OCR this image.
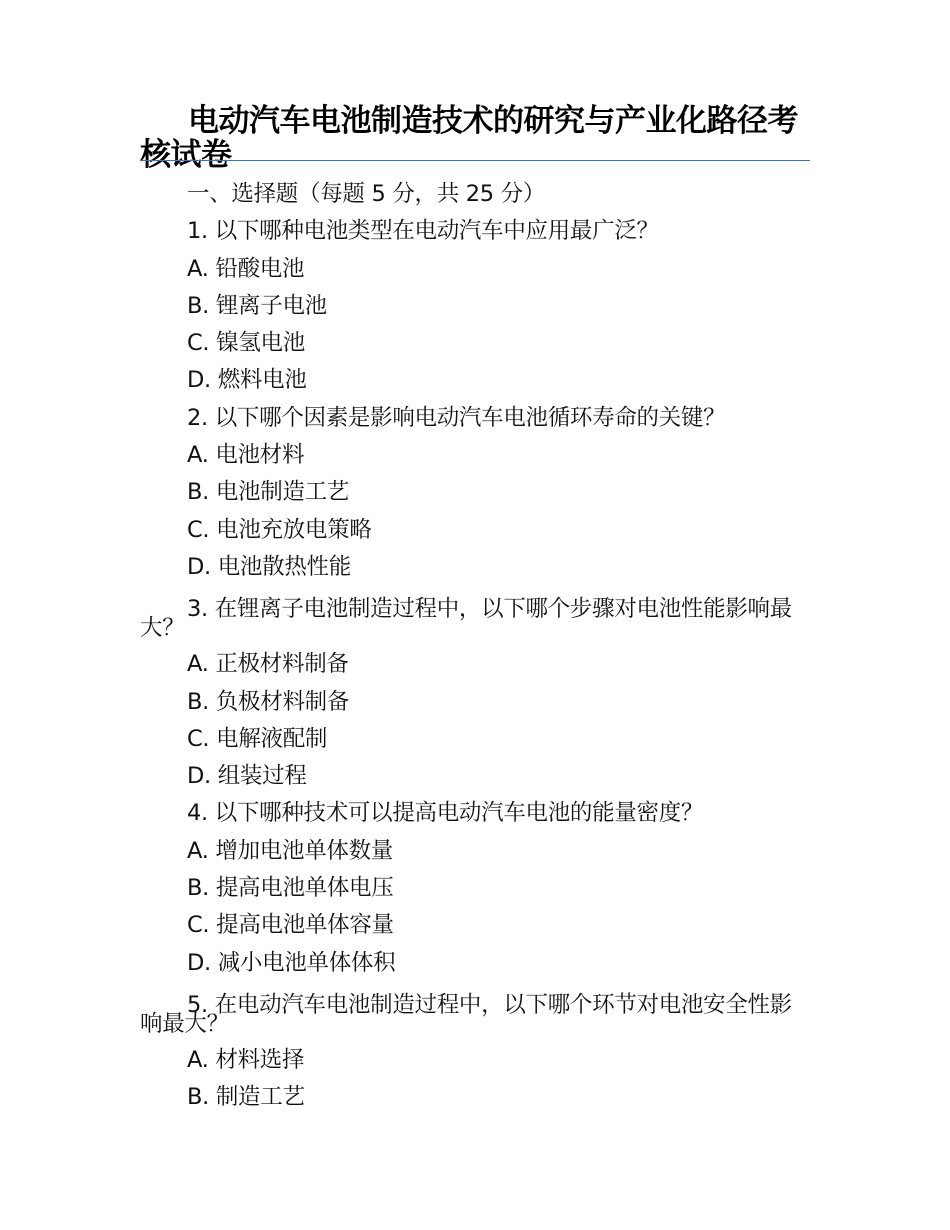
电动汽车电池制造技术的研究与产业化路径考核试卷

一、选择题（每题 5 分，共 25 分）

1. 以下哪种电池类型在电动汽车中应用最广泛？

A. 铅酸电池

B. 锂离子电池

C. 镍氢电池

D. 燃料电池

2. 以下哪个因素是影响电动汽车电池循环寿命的关键？

A. 电池材料

B. 电池制造工艺

C. 电池充放电策略

D. 电池散热性能

3. 在锂离子电池制造过程中，以下哪个步骤对电池性能影响最大？

A. 正极材料制备

B. 负极材料制备

C. 电解液配制

D. 组装过程

4. 以下哪种技术可以提高电动汽车电池的能量密度？

A. 增加电池单体数量

B. 提高电池单体电压

C. 提高电池单体容量

D. 减小电池单体体积

5. 在电动汽车电池制造过程中，以下哪个环节对电池安全性影响最大？

A. 材料选择

B. 制造工艺
